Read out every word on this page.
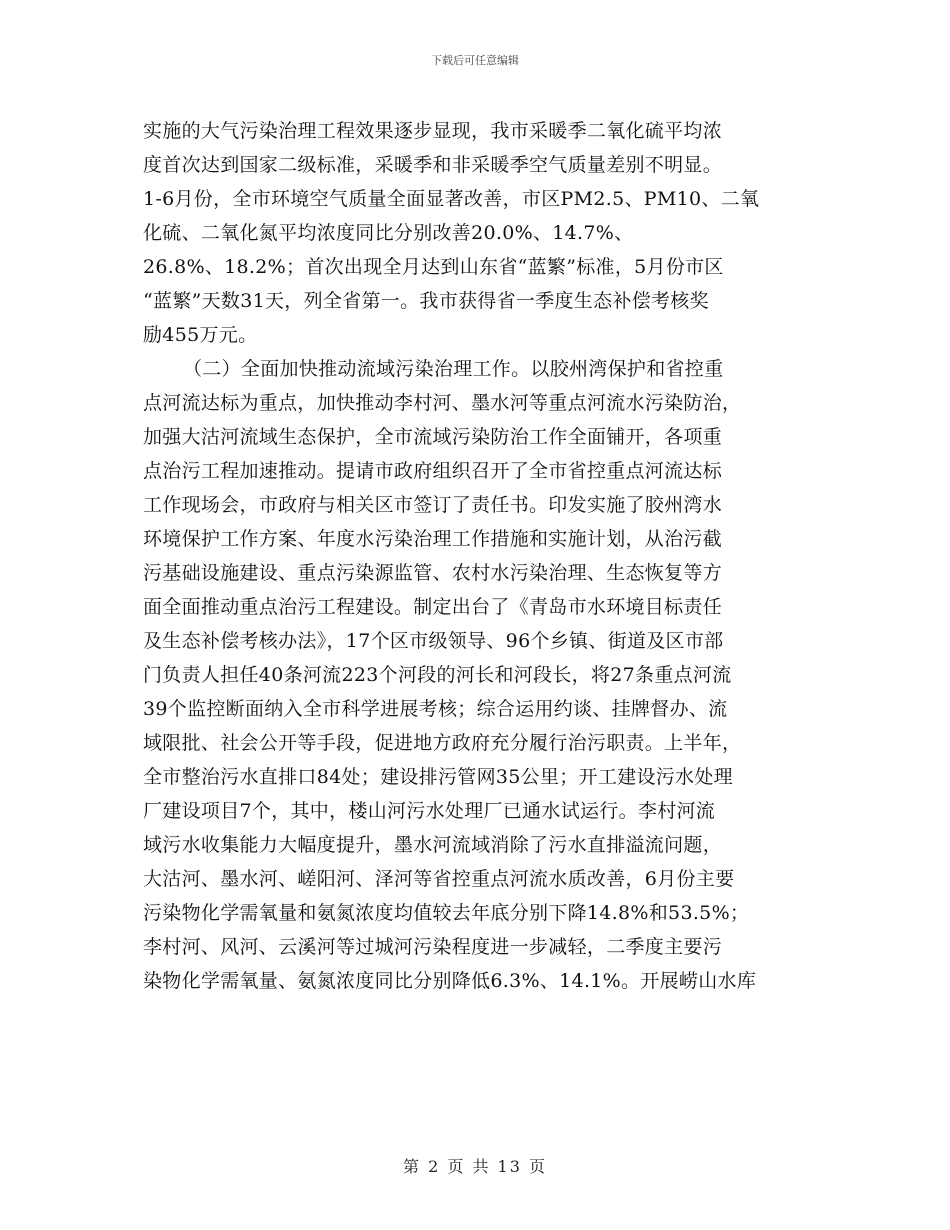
下载后可任意编辑
实施的大气污染治理工程效果逐步显现，我市采暖季二氧化硫平均浓
度首次达到国家二级标准，采暖季和非采暖季空气质量差别不明显。
1-6月份，全市环境空气质量全面显著改善，市区PM2.5、PM10、二氧
化硫、二氧化氮平均浓度同比分别改善20.0%、14.7%、
26.8%、18.2%；首次出现全月达到山东省“蓝繁”标准，5月份市区
“蓝繁”天数31天，列全省第一。我市获得省一季度生态补偿考核奖
励455万元。
（二）全面加快推动流域污染治理工作。以胶州湾保护和省控重
点河流达标为重点，加快推动李村河、墨水河等重点河流水污染防治，
加强大沽河流域生态保护，全市流域污染防治工作全面铺开，各项重
点治污工程加速推动。提请市政府组织召开了全市省控重点河流达标
工作现场会，市政府与相关区市签订了责任书。印发实施了胶州湾水
环境保护工作方案、年度水污染治理工作措施和实施计划，从治污截
污基础设施建设、重点污染源监管、农村水污染治理、生态恢复等方
面全面推动重点治污工程建设。制定出台了《青岛市水环境目标责任
及生态补偿考核办法》，17个区市级领导、96个乡镇、街道及区市部
门负责人担任40条河流223个河段的河长和河段长，将27条重点河流
39个监控断面纳入全市科学进展考核；综合运用约谈、挂牌督办、流
域限批、社会公开等手段，促进地方政府充分履行治污职责。上半年，
全市整治污水直排口84处；建设排污管网35公里；开工建设污水处理
厂建设项目7个，其中，楼山河污水处理厂已通水试运行。李村河流
域污水收集能力大幅度提升，墨水河流域消除了污水直排溢流问题，
大沽河、墨水河、嵯阳河、泽河等省控重点河流水质改善，6月份主要
污染物化学需氧量和氨氮浓度均值较去年底分别下降14.8%和53.5%；
李村河、风河、云溪河等过城河污染程度进一步减轻，二季度主要污
染物化学需氧量、氨氮浓度同比分别降低6.3%、14.1%。开展崂山水库
第 2 页 共 13 页
